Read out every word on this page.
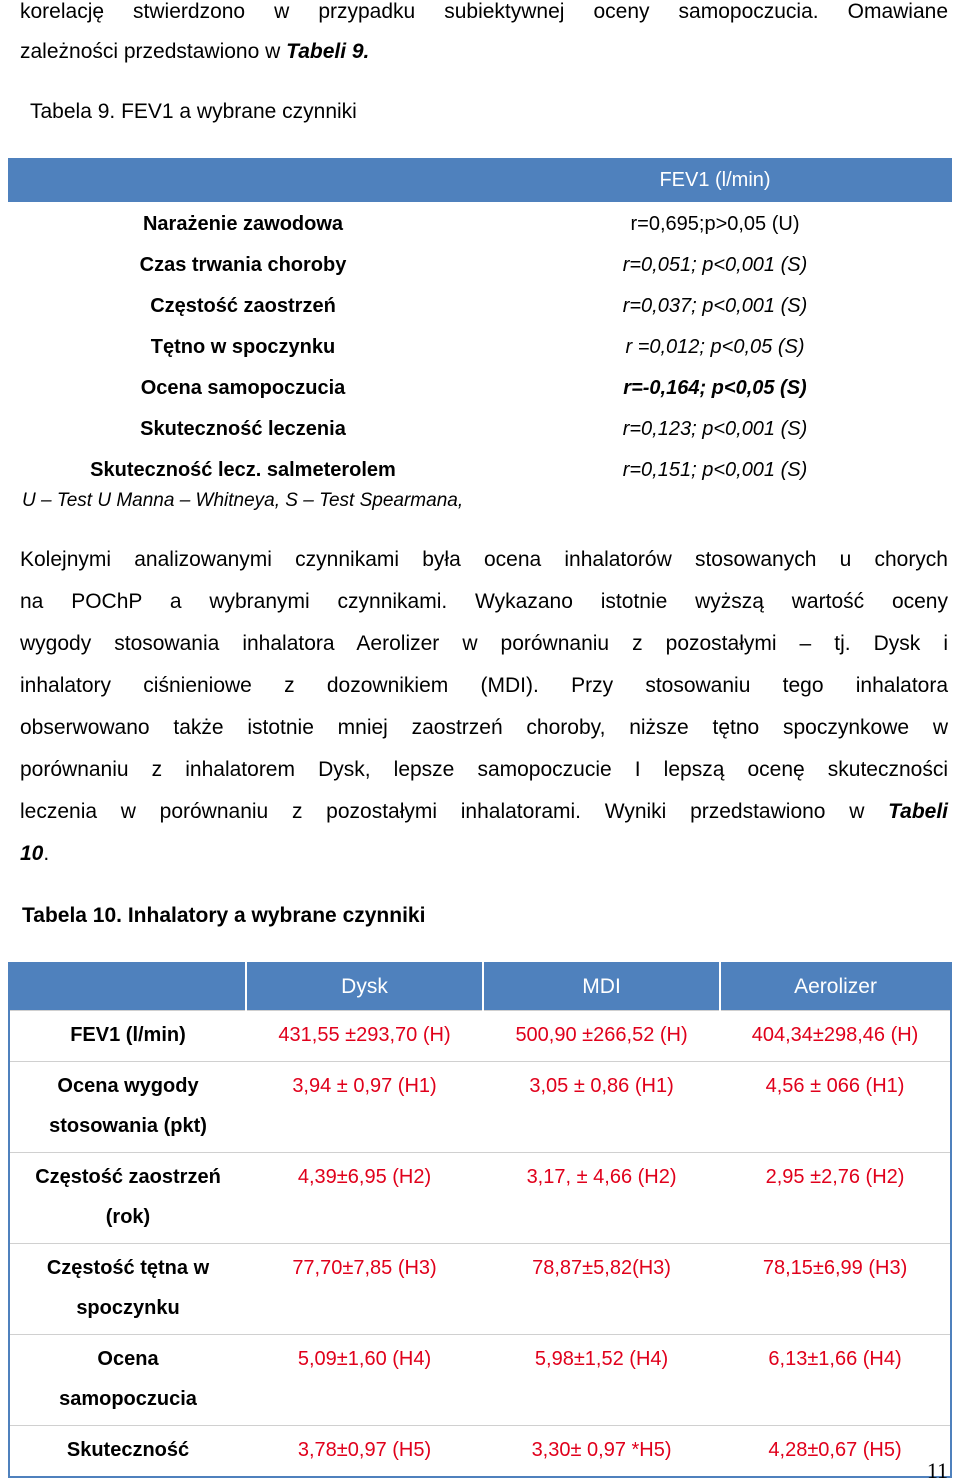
korelację stwierdzono w przypadku subiektywnej oceny samopoczucia. Omawiane
zależności przedstawiono w Tabeli 9.
Tabela 9. FEV1 a wybrane czynniki
	FEV1 (l/min)
Narażenie zawodowa	r=0,695;p>0,05 (U)
Czas trwania choroby	r=0,051; p<0,001 (S)
Częstość zaostrzeń	r=0,037; p<0,001 (S)
Tętno w spoczynku	r =0,012; p<0,05 (S)
Ocena samopoczucia	r=-0,164; p<0,05 (S)
Skuteczność leczenia	r=0,123; p<0,001 (S)
Skuteczność lecz. salmeterolem	r=0,151; p<0,001 (S)
U – Test U Manna – Whitneya, S – Test Spearmana,
Kolejnymi analizowanymi czynnikami była ocena inhalatorów stosowanych u chorych
na POChP a wybranymi czynnikami. Wykazano istotnie wyższą wartość oceny
wygody stosowania inhalatora Aerolizer w porównaniu z pozostałymi – tj. Dysk i
inhalatory ciśnieniowe z dozownikiem (MDI). Przy stosowaniu tego inhalatora
obserwowano także istotnie mniej zaostrzeń choroby, niższe tętno spoczynkowe w
porównaniu z inhalatorem Dysk, lepsze samopoczucie I lepszą ocenę skuteczności
leczenia w porównaniu z pozostałymi inhalatorami. Wyniki przedstawiono w Tabeli
10.
Tabela 10. Inhalatory a wybrane czynniki
	Dysk	MDI	Aerolizer

FEV1 (l/min)	431,55 ±293,70 (H)	500,90 ±266,52 (H)	404,34±298,46 (H)

Ocena wygody
stosowania (pkt)	3,94 ± 0,97 (H1)	3,05 ± 0,86 (H1)	4,56 ± 066 (H1)

Częstość zaostrzeń
(rok)	4,39±6,95 (H2)	3,17, ± 4,66 (H2)	2,95 ±2,76 (H2)

Częstość tętna w
spoczynku	77,70±7,85 (H3)	78,87±5,82(H3)	78,15±6,99 (H3)

Ocena
samopoczucia	5,09±1,60 (H4)	5,98±1,52 (H4)	6,13±1,66 (H4)

Skuteczność	3,78±0,97 (H5)	3,30± 0,97 *H5)	4,28±0,67 (H5)
11
